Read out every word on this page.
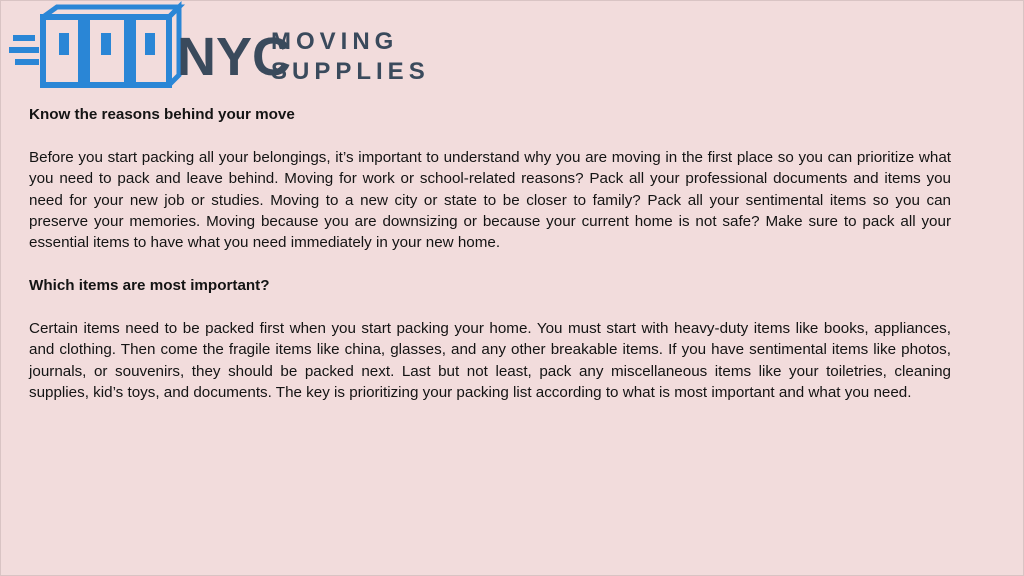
NYC
MOVING
SUPPLIES

Know the reasons behind your move

Before you start packing all your belongings, it’s important to understand why you are moving in the first place so you can prioritize what you need to pack and leave behind. Moving for work or school-related reasons? Pack all your professional documents and items you need for your new job or studies. Moving to a new city or state to be closer to family? Pack all your sentimental items so you can preserve your memories. Moving because you are downsizing or because your current home is not safe? Make sure to pack all your essential items to have what you need immediately in your new home.

Which items are most important?

Certain items need to be packed first when you start packing your home. You must start with heavy-duty items like books, appliances, and clothing. Then come the fragile items like china, glasses, and any other breakable items. If you have sentimental items like photos, journals, or souvenirs, they should be packed next. Last but not least, pack any miscellaneous items like your toiletries, cleaning supplies, kid’s toys, and documents. The key is prioritizing your packing list according to what is most important and what you need.
